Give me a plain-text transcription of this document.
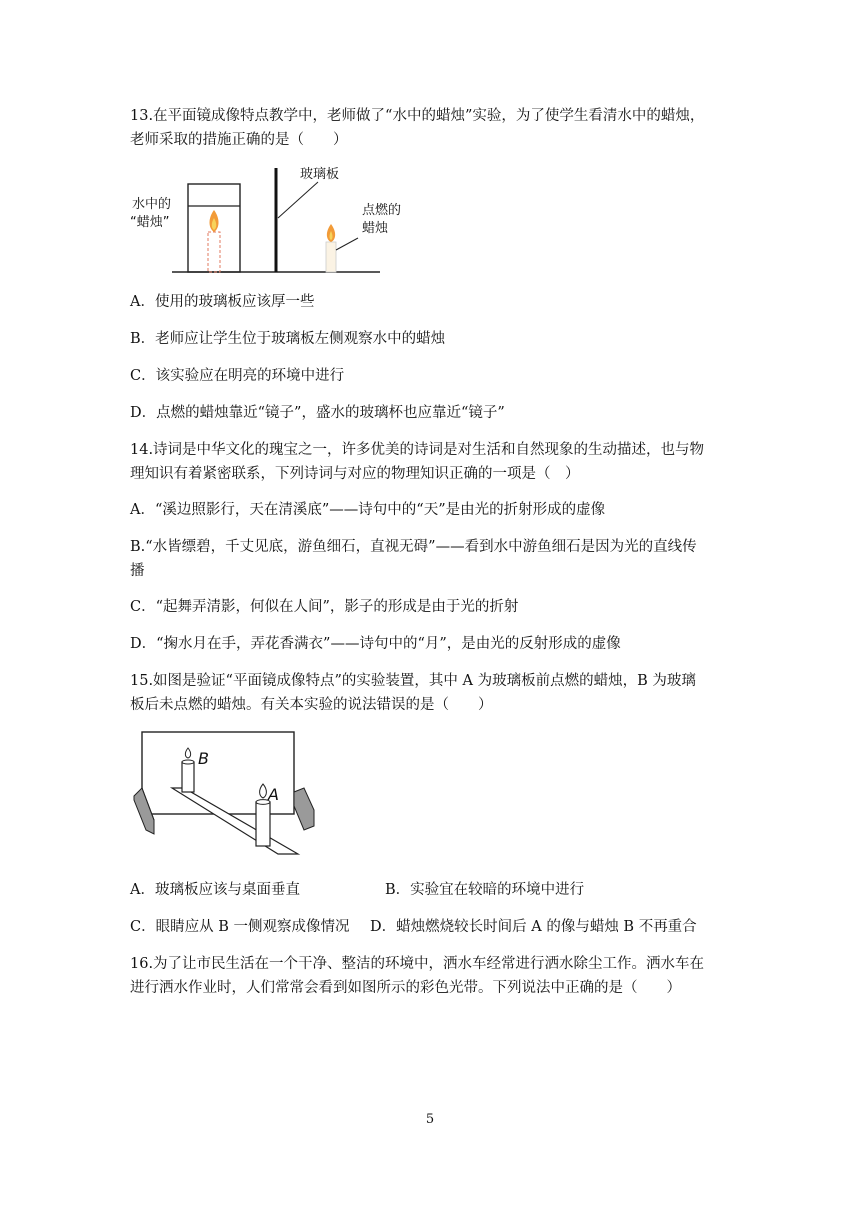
13.在平面镜成像特点教学中，老师做了“水中的蜡烛”实验，为了使学生看清水中的蜡烛，
老师采取的措施正确的是（　　）
水中的
“蜡烛”
玻璃板
点燃的
蜡烛
A．使用的玻璃板应该厚一些
B．老师应让学生位于玻璃板左侧观察水中的蜡烛
C．该实验应在明亮的环境中进行
D．点燃的蜡烛靠近“镜子”，盛水的玻璃杯也应靠近“镜子”
14.诗词是中华文化的瑰宝之一，许多优美的诗词是对生活和自然现象的生动描述，也与物
理知识有着紧密联系，下列诗词与对应的物理知识正确的一项是（　）
A．“溪边照影行，天在清溪底”——诗句中的“天”是由光的折射形成的虚像
B.“水皆缥碧，千丈见底，游鱼细石，直视无碍”——看到水中游鱼细石是因为光的直线传
播
C．“起舞弄清影，何似在人间”，影子的形成是由于光的折射
D．“掬水月在手，弄花香满衣”——诗句中的“月”，是由光的反射形成的虚像
15.如图是验证“平面镜成像特点”的实验装置，其中 A 为玻璃板前点燃的蜡烛，B 为玻璃
板后未点燃的蜡烛。有关本实验的说法错误的是（　　）
B
A
A．玻璃板应该与桌面垂直	B．实验宜在较暗的环境中进行
C．眼睛应从 B 一侧观察成像情况 D．蜡烛燃烧较长时间后 A 的像与蜡烛 B 不再重合
16.为了让市民生活在一个干净、整洁的环境中，洒水车经常进行洒水除尘工作。洒水车在
进行洒水作业时，人们常常会看到如图所示的彩色光带。下列说法中正确的是（　　）
5
